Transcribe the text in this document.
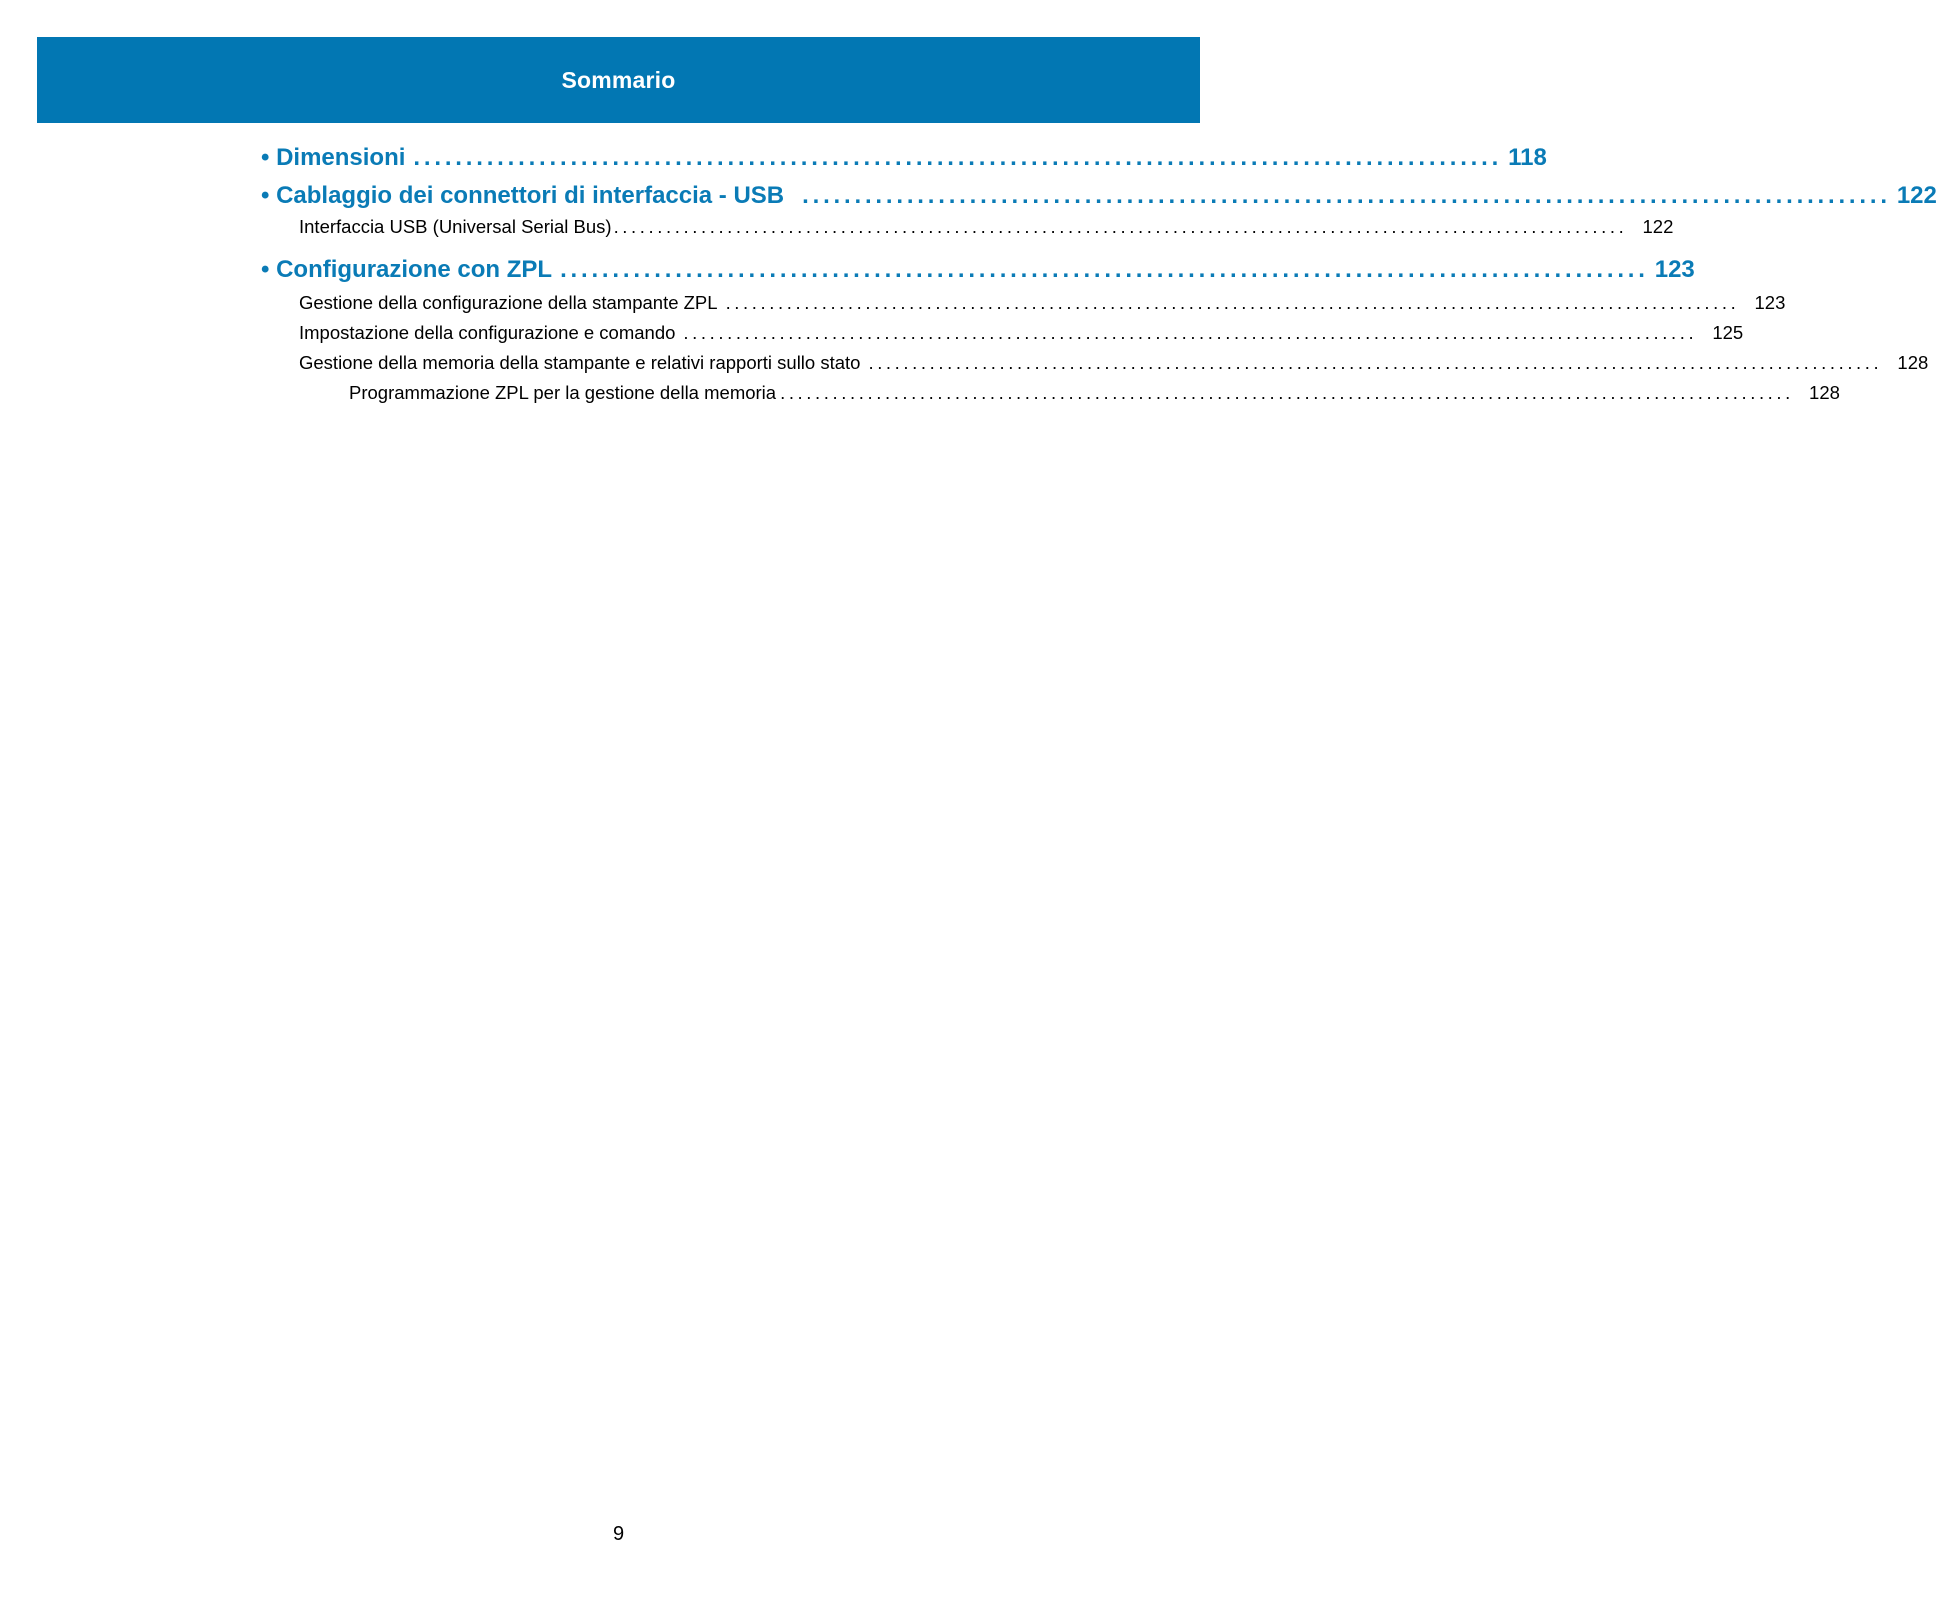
Sommario
• Dimensioni ........................................................................................................ 118
• Cablaggio dei connettori di interfaccia - USB ........................................................................................................ 122
Interfaccia USB (Universal Serial Bus) .................................................................................................................... 122
• Configurazione con ZPL ........................................................................................................ 123
Gestione della configurazione della stampante ZPL .................................................................................................................... 123
Impostazione della configurazione e comando .................................................................................................................... 125
Gestione della memoria della stampante e relativi rapporti sullo stato .................................................................................................................... 128
Programmazione ZPL per la gestione della memoria .................................................................................................................... 128
9
